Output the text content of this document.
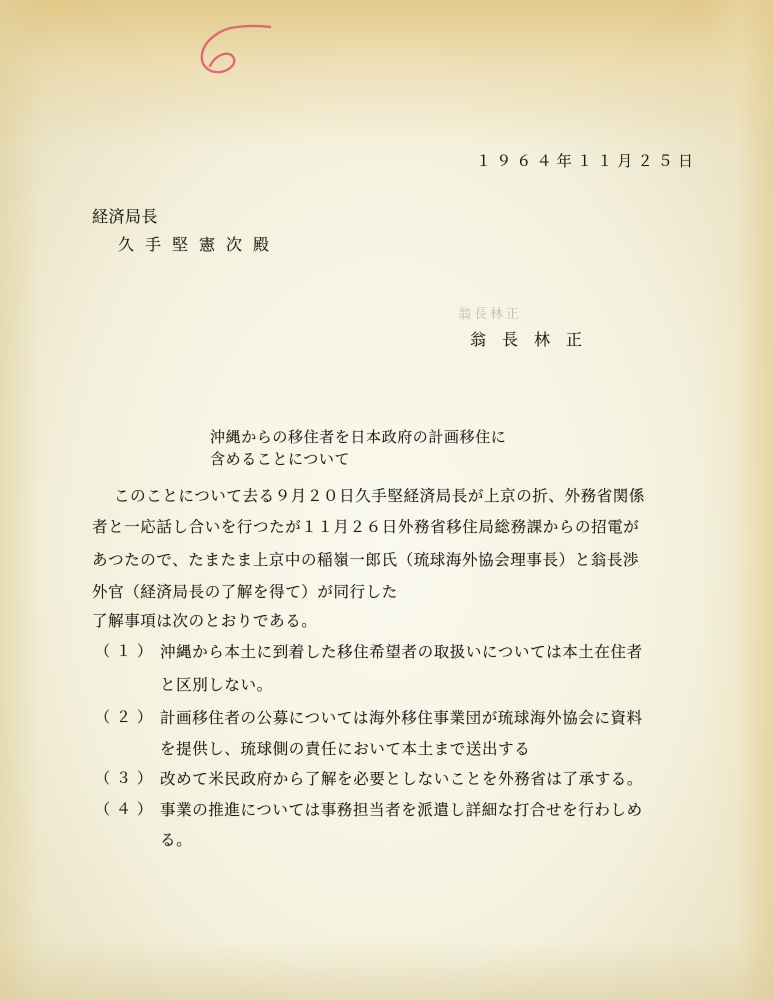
１９６４年１１月２５日
経済局長
久手堅憲次殿
翁長林正
翁長林正
沖縄からの移住者を日本政府の計画移住に
含めることについて
このことについて去る９月２０日久手堅経済局長が上京の折、外務省関係
者と一応話し合いを行つたが１１月２６日外務省移住局総務課からの招電が
あつたので、たまたま上京中の稲嶺一郎氏（琉球海外協会理事長）と翁長渉
外官（経済局長の了解を得て）が同行した
了解事項は次のとおりである。
（１） 沖縄から本土に到着した移住希望者の取扱いについては本土在住者
と区別しない。
（２） 計画移住者の公募については海外移住事業団が琉球海外協会に資料
を提供し、琉球側の責任において本土まで送出する
（３） 改めて米民政府から了解を必要としないことを外務省は了承する。
（４） 事業の推進については事務担当者を派遣し詳細な打合せを行わしめ
る。
